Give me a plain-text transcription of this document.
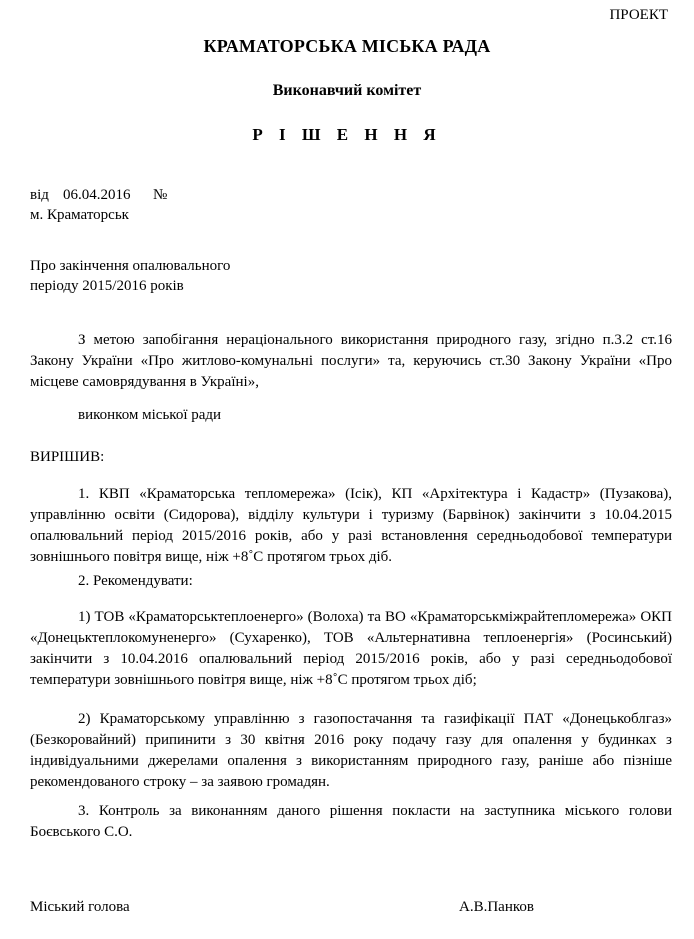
ПРОЕКТ
КРАМАТОРСЬКА МІСЬКА РАДА
Виконавчий комітет
Р І Ш Е Н Н Я
від 06.04.2016 №
м. Краматорськ
Про закінчення опалювального
періоду 2015/2016 років
З метою запобігання нераціонального використання природного газу, згідно п.3.2 ст.16 Закону України «Про житлово-комунальні послуги» та, керуючись ст.30 Закону України «Про місцеве самоврядування в Україні»,
виконком міської ради
ВИРІШИВ:
1. КВП «Краматорська тепломережа» (Ісік), КП «Архітектура і Кадастр» (Пузакова), управлінню освіти (Сидорова), відділу культури і туризму (Барвінок) закінчити з 10.04.2015 опалювальний період 2015/2016 років, або у разі встановлення середньодобової температури зовнішнього повітря вище, ніж +8˚С протягом трьох діб.
2. Рекомендувати:
1) ТОВ «Краматорськтеплоенерго» (Волоха) та ВО «Краматорськміжрайтепломережа» ОКП «Донецьктеплокомуненерго» (Сухаренко), ТОВ «Альтернативна теплоенергія» (Росинський) закінчити з 10.04.2016 опалювальний період 2015/2016 років, або у разі середньодобової температури зовнішнього повітря вище, ніж +8˚С протягом трьох діб;
2) Краматорському управлінню з газопостачання та газифікації ПАТ «Донецькоблгаз» (Безкоровайний) припинити з 30 квітня 2016 року подачу газу для опалення у будинках з індивідуальними джерелами опалення з використанням природного газу, раніше або пізніше рекомендованого строку – за заявою громадян.
3. Контроль за виконанням даного рішення покласти на заступника міського голови Боєвського С.О.
Міський голова	А.В.Панков
